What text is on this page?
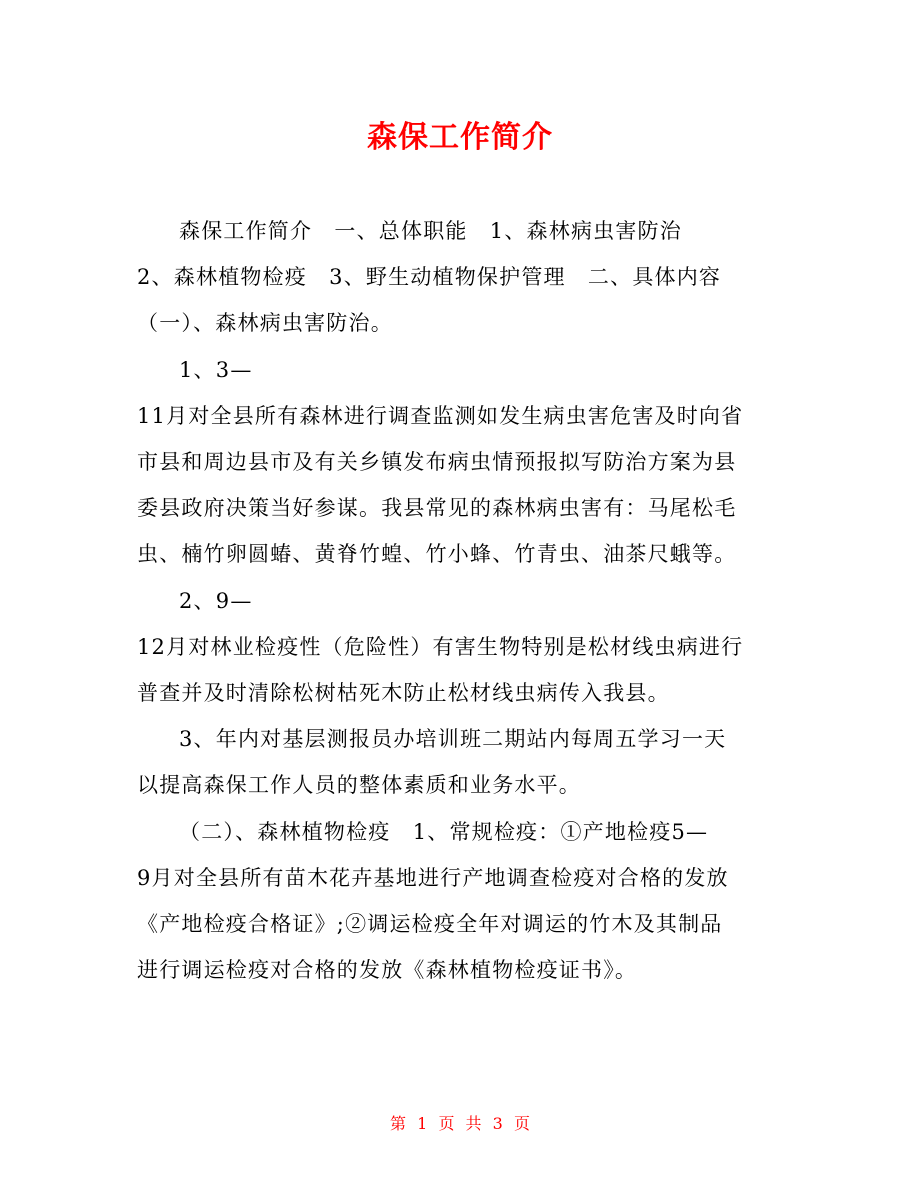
森保工作简介

森保工作简介　一、总体职能　1、森林病虫害防治
2、森林植物检疫　3、野生动植物保护管理　二、具体内容
（一）、森林病虫害防治。

1、3—
11月对全县所有森林进行调查监测如发生病虫害危害及时向省
市县和周边县市及有关乡镇发布病虫情预报拟写防治方案为县
委县政府决策当好参谋。我县常见的森林病虫害有：马尾松毛
虫、楠竹卵圆蝽、黄脊竹蝗、竹小蜂、竹青虫、油茶尺蛾等。

2、9—
12月对林业检疫性（危险性）有害生物特别是松材线虫病进行
普查并及时清除松树枯死木防止松材线虫病传入我县。

3、年内对基层测报员办培训班二期站内每周五学习一天
以提高森保工作人员的整体素质和业务水平。

（二）、森林植物检疫　1、常规检疫：①产地检疫5—
9月对全县所有苗木花卉基地进行产地调查检疫对合格的发放
《产地检疫合格证》;②调运检疫全年对调运的竹木及其制品
进行调运检疫对合格的发放《森林植物检疫证书》。

第 1 页 共 3 页
